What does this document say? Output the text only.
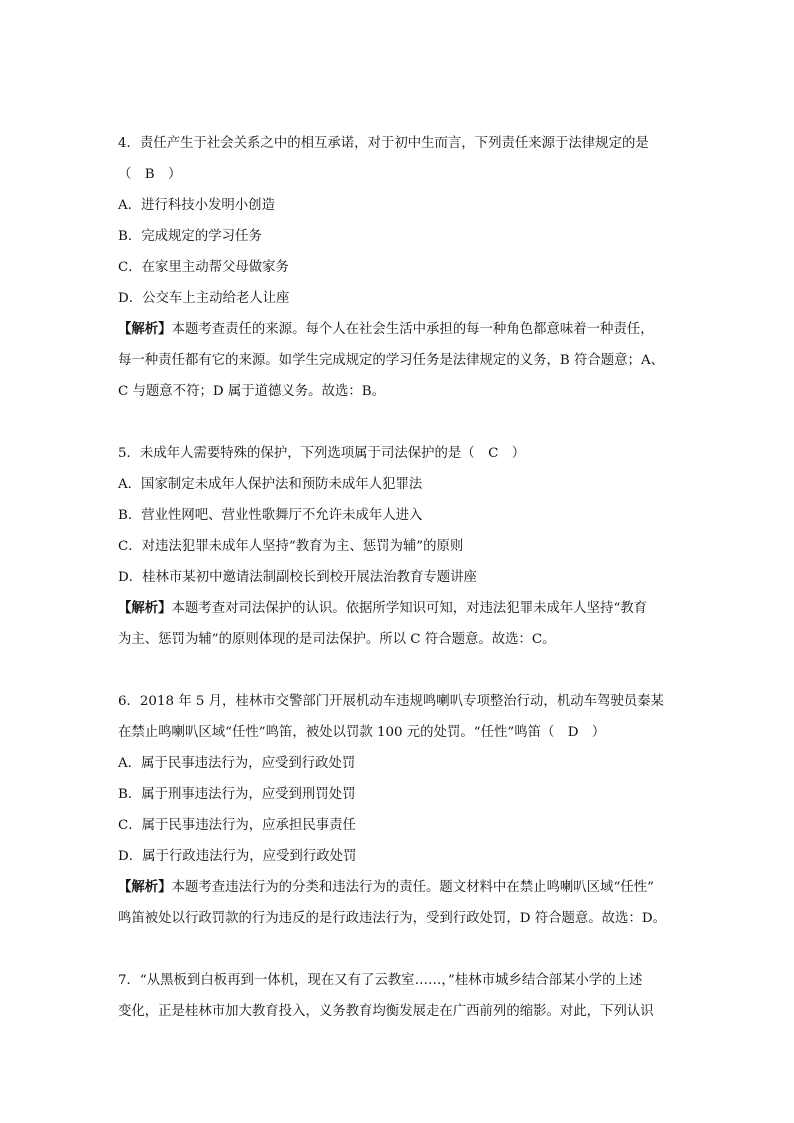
4．责任产生于社会关系之中的相互承诺，对于初中生而言，下列责任来源于法律规定的是
（　B　）
A．进行科技小发明小创造
B．完成规定的学习任务
C．在家里主动帮父母做家务
D．公交车上主动给老人让座
【解析】本题考查责任的来源。每个人在社会生活中承担的每一种角色都意味着一种责任，
每一种责任都有它的来源。如学生完成规定的学习任务是法律规定的义务，B 符合题意；A、
C 与题意不符；D 属于道德义务。故选：B。
5．未成年人需要特殊的保护，下列选项属于司法保护的是（　C　）
A．国家制定未成年人保护法和预防未成年人犯罪法
B．营业性网吧、营业性歌舞厅不允许未成年人进入
C．对违法犯罪未成年人坚持“教育为主、惩罚为辅”的原则
D．桂林市某初中邀请法制副校长到校开展法治教育专题讲座
【解析】本题考查对司法保护的认识。依据所学知识可知，对违法犯罪未成年人坚持“教育
为主、惩罚为辅”的原则体现的是司法保护。所以 C 符合题意。故选：C。
6．2018 年 5 月，桂林市交警部门开展机动车违规鸣喇叭专项整治行动，机动车驾驶员秦某
在禁止鸣喇叭区域“任性”鸣笛，被处以罚款 100 元的处罚。“任性”鸣笛（　D　）
A．属于民事违法行为，应受到行政处罚
B．属于刑事违法行为，应受到刑罚处罚
C．属于民事违法行为，应承担民事责任
D．属于行政违法行为，应受到行政处罚
【解析】本题考查违法行为的分类和违法行为的责任。题文材料中在禁止鸣喇叭区域“任性”
鸣笛被处以行政罚款的行为违反的是行政违法行为，受到行政处罚，D 符合题意。故选：D。
7．“从黑板到白板再到一体机，现在又有了云教室……，”桂林市城乡结合部某小学的上述
变化，正是桂林市加大教育投入，义务教育均衡发展走在广西前列的缩影。对此，下列认识
